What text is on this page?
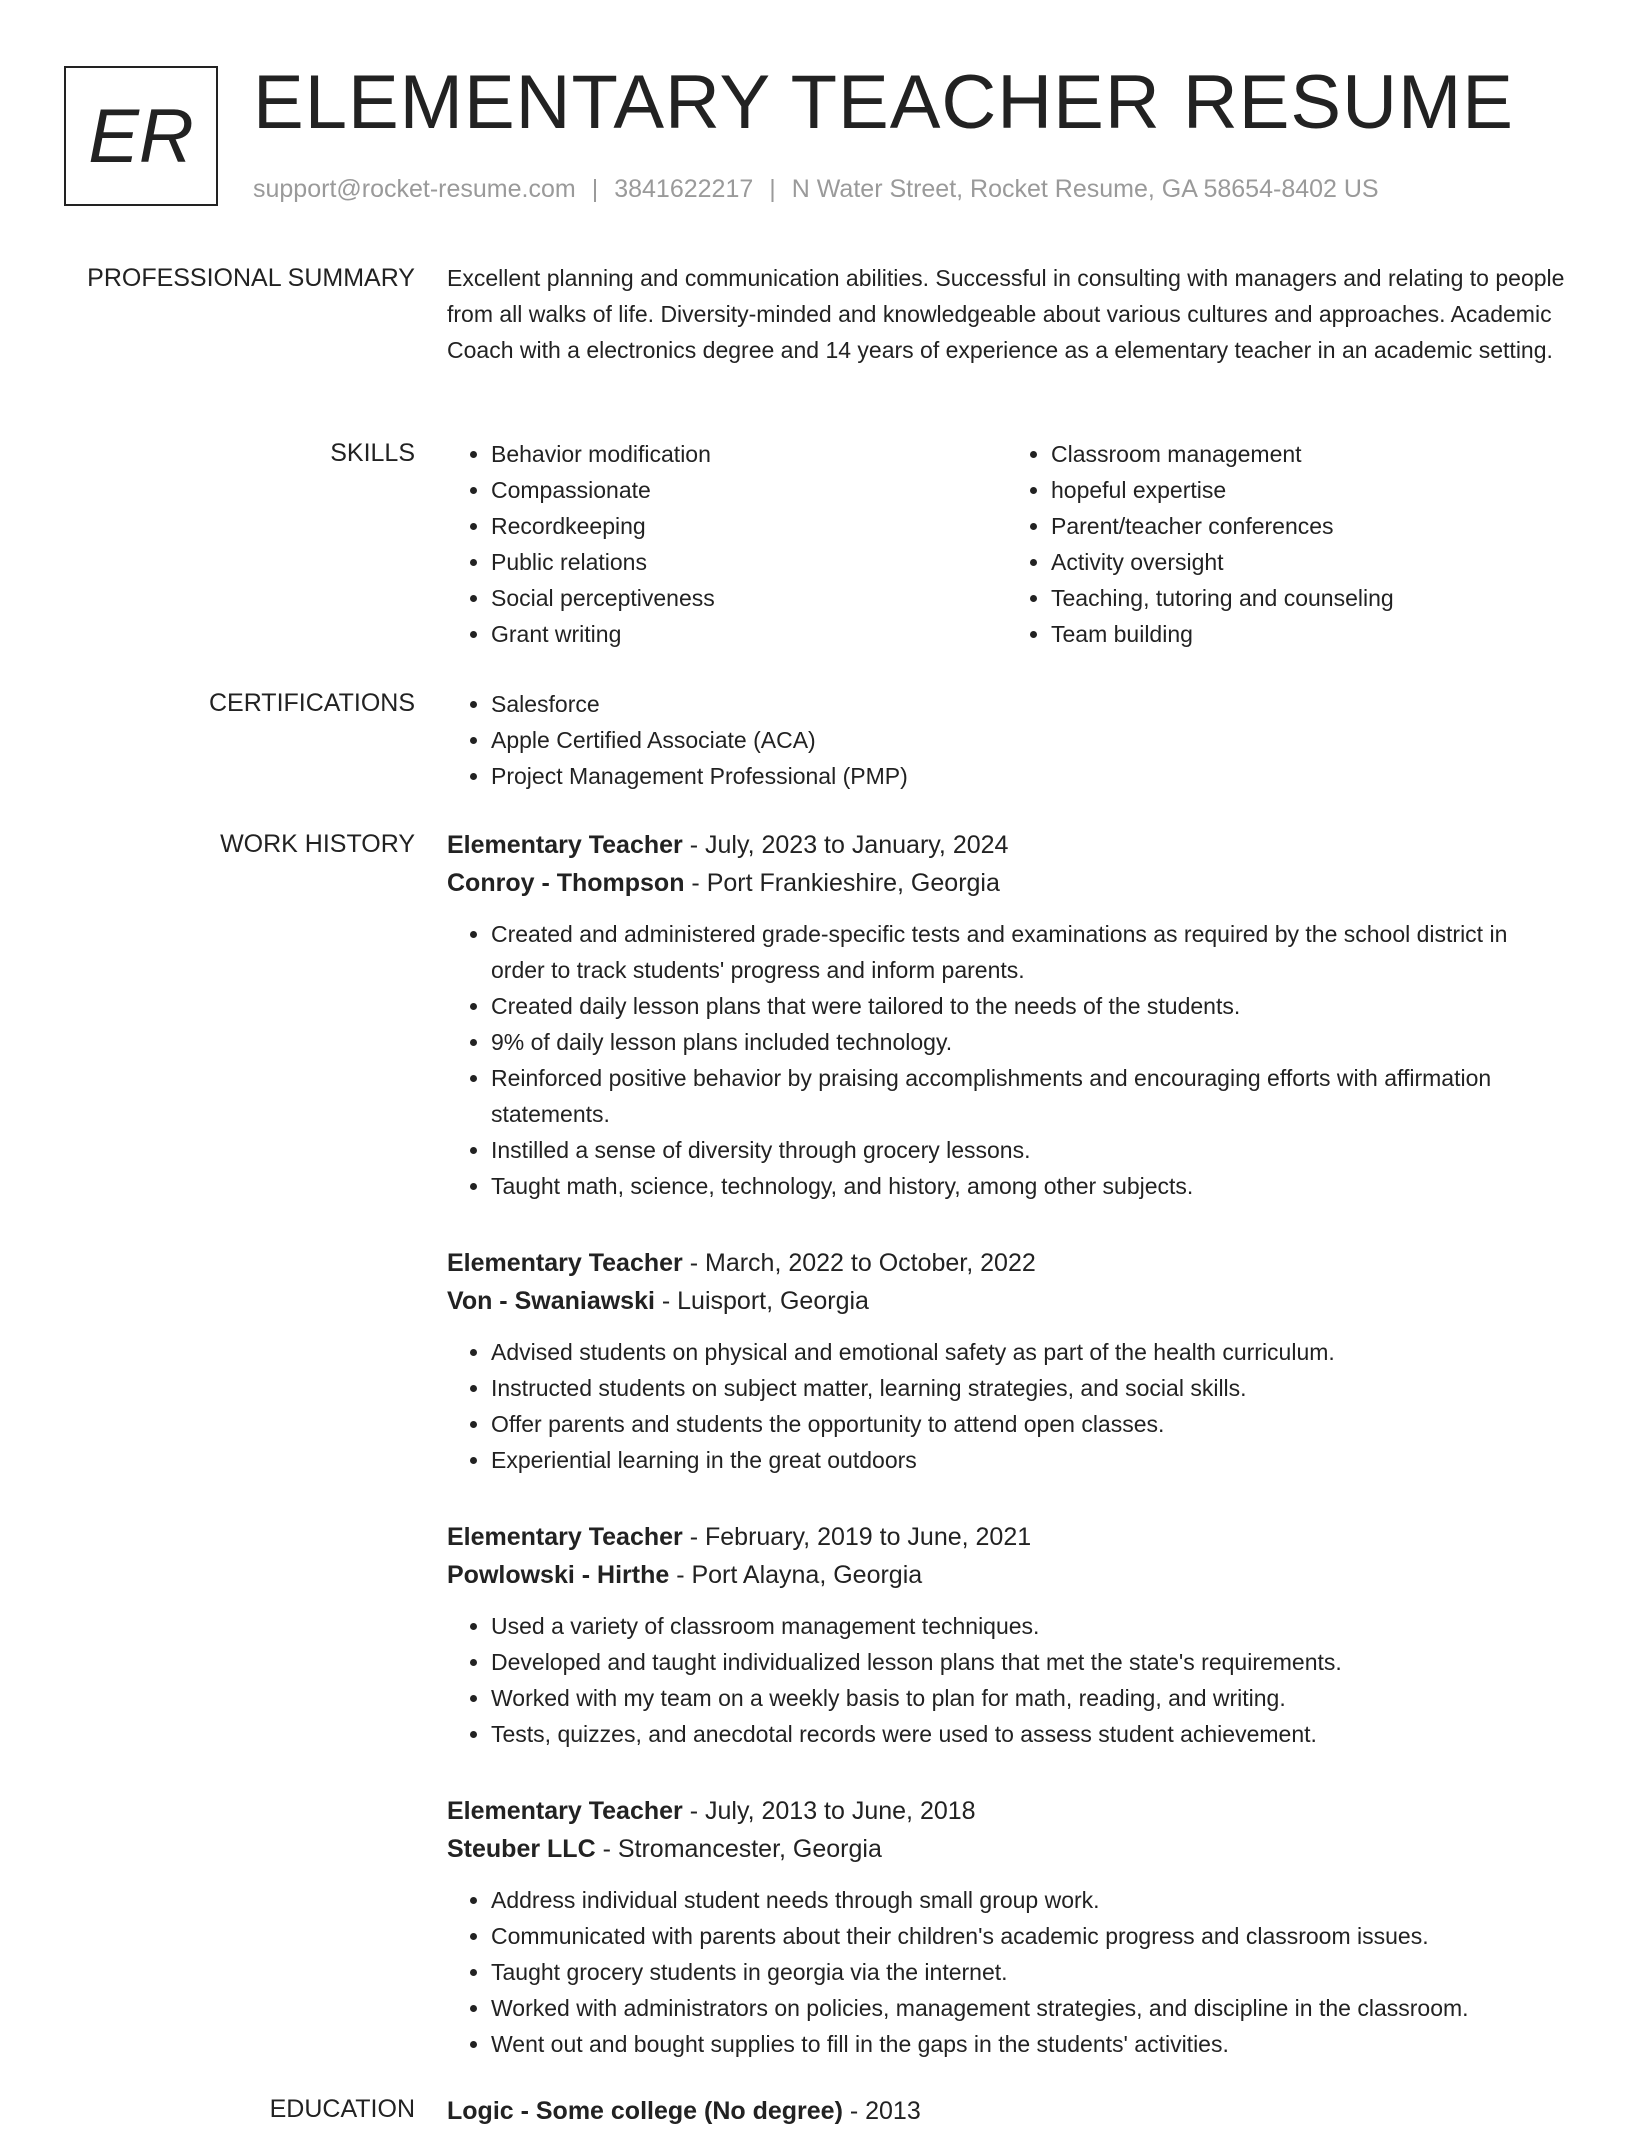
ER ELEMENTARY TEACHER RESUME
support@rocket-resume.com | 3841622217 | N Water Street, Rocket Resume, GA 58654-8402 US
PROFESSIONAL SUMMARY Excellent planning and communication abilities. Successful in consulting with managers and relating to people from all walks of life. Diversity-minded and knowledgeable about various cultures and approaches. Academic Coach with a electronics degree and 14 years of experience as a elementary teacher in an academic setting.
SKILLS	• Behavior modification
• Compassionate
• Recordkeeping
• Public relations
• Social perceptiveness
• Grant writing
• Classroom management
• hopeful expertise
• Parent/teacher conferences
• Activity oversight
• Teaching, tutoring and counseling
• Team building
CERTIFICATIONS	• Salesforce
• Apple Certified Associate (ACA)
• Project Management Professional (PMP)
WORK HISTORY Elementary Teacher - July, 2023 to January, 2024
Conroy - Thompson - Port Frankieshire, Georgia
• Created and administered grade-specific tests and examinations as required by the school district in order to track students' progress and inform parents.
• Created daily lesson plans that were tailored to the needs of the students.
• 9% of daily lesson plans included technology.
• Reinforced positive behavior by praising accomplishments and encouraging efforts with affirmation statements.
• Instilled a sense of diversity through grocery lessons.
• Taught math, science, technology, and history, among other subjects.
Elementary Teacher - March, 2022 to October, 2022
Von - Swaniawski - Luisport, Georgia
• Advised students on physical and emotional safety as part of the health curriculum.
• Instructed students on subject matter, learning strategies, and social skills.
• Offer parents and students the opportunity to attend open classes.
• Experiential learning in the great outdoors
Elementary Teacher - February, 2019 to June, 2021
Powlowski - Hirthe - Port Alayna, Georgia
• Used a variety of classroom management techniques.
• Developed and taught individualized lesson plans that met the state's requirements.
• Worked with my team on a weekly basis to plan for math, reading, and writing.
• Tests, quizzes, and anecdotal records were used to assess student achievement.
Elementary Teacher - July, 2013 to June, 2018
Steuber LLC - Stromancester, Georgia
• Address individual student needs through small group work.
• Communicated with parents about their children's academic progress and classroom issues.
• Taught grocery students in georgia via the internet.
• Worked with administrators on policies, management strategies, and discipline in the classroom.
• Went out and bought supplies to fill in the gaps in the students' activities.
EDUCATION Logic - Some college (No degree) - 2013
